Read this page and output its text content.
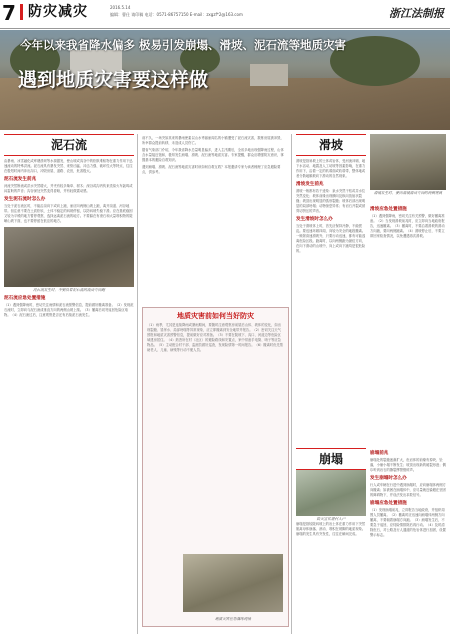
7 防灾减灾	2016.5.14
编辑：曹仕 请印稿 电话：0571-86757150 E-mail：zxgzf*2@163.com	浙江法制报
今年以来我省降水偏多 极易引发崩塌、滑坡、泥石流等地质灾害
遇到地质灾害要这样做
泥石流
由暴雨、冰雪融化或库塘溃坝等水源激发，使山坡或沟谷中的松散堆积物在重力作用下迅速流动的特殊洪流。泥石流具有暴发突然、来势凶猛、冲击力强、破坏性大等特点，往往在极短时间内冲出沟口，冲毁房屋、道路、农田，危害极大。
泥石流发生前兆
河流突然断流或洪水突然增大，并夹有较多柴草、树木；深谷或沟内传来类似火车轰鸣或闷雷般的声音；沟谷深处突然变得昏暗，并有轻微震动感。
发生泥石流时怎么办
当处于泥石流区时，不能沿沟向下或向上跑，而应向两侧山坡上跑，离开沟道、河谷地带。但注意不要在土质松软、土体不稳定的斜坡停留，以防斜坡失稳下滑。应在基底稳固又较为平缓的地方暂停观察，选择远离泥石流的地方。不要躲在有滚石和大量堆积物的陡峭山坡下面，也不要停留在低洼的地方。
泥石流发生时，不要沿着泥石流的流动方向跑
泥石流应急处置措施
（1）遇到强降雨时，密切关注雨情和泥石流预警信息，提前做好撤离准备。（2）发现泥石流时，立即向与泥石流成垂直方向的两侧山坡上爬。（3）撤离后切勿返回危险区取物。（4）泥石流过后，注意观察是否还有后续泥石流发生。
前不久，一场突如其来的暴雨使素以山水秀丽而闻名的小镇遭受了泥石流灾害，数栋房屋被冲毁，所幸群众提前转移，未造成人员伤亡。
据省气象部门介绍，今年我省降水总量明显偏多，进入主汛期后，全省多地出现强降雨过程，山体含水量接近饱和，极易发生崩塌、滑坡、泥石流等地质灾害。专家提醒，群众应增强防灾意识，掌握基本的避险自救知识。
遇到崩塌、滑坡、泥石流等地质灾害时该如何自救互救？本报邀请专家为读者梳理了应急避险要点，供参考。
地质灾害前如何当好防灾
（1）雨季，尤其是连续降雨或暴雨期间，要随时注意观察房前屋后山体、坡体的变化，如出现裂缝、冒浑水、局部坍塌等异常现象，应立即撤离到安全地带并报告。（2）密切关注天气预报和地质灾害预警信息，提前做好应对准备。（3）不要在陡坡下、沟口、河道边等危险区域建房居住。（4）熟悉所在村（社区）的避险路线和安置点，家中常备手电筒、哨子等应急物品。（5）主动配合村干部、监测员做好巡查，发现险情第一时间报告。（6）撤离时优先帮助老人、儿童、病残等行动不便人员。
地质灾害应急演练现场
滑坡
滑坡发生时，要向滑坡滑动方向的两侧逃离
滑坡是指斜坡上的土体或岩体，受河流冲刷、地下水活动、地震及人工切坡等因素影响，在重力作用下，沿着一定的软弱面或软弱带，整体地或者分散地顺坡向下滑动的自然现象。
滑坡发生前兆
滑坡一般都有若干迹象：泉水突然干枯或井水位突然变化；坡体前缘出现横向及纵向放射状裂缝；坡顶出现明显的弧形裂缝；坡体后部出现明显的局部坍塌；动物惊恐异常；有岩石开裂或被剪切挤压的声音。
发生滑坡时怎么办
当处于滑坡体上时，首先应保持冷静，不能慌乱。要迅速环顾四周，向较为安全的地段撤离。一般除高速滑坡外，只要行动迅速，都有可能逃离危险区段。跑离时，以向两侧跑为最佳方向，在向下滑动的山坡中，向上或向下跑均是很危险的。
滑坡应急处置措施
（1）遇到强降雨，密切关注有关预警，做好撤离准备。（2）当发现滑坡前兆时，应立即向当地政府报告，迅速撤离。（3）撤离时，不要沿着滑坡的滑动方向跑，要向两侧跑离。（4）滑坡停止后，不要立即回家检查情况，以免遭遇再次滑坡。
崩塌
防灾宣传进村入户
崩塌是指较陡斜坡上的岩土体在重力作用下突然脱离母体崩落、滚动、堆积在坡脚的地质现象。崩塌的发生具有突发性，往往在瞬间完成。
崩塌前兆
崩塌处的裂缝逐渐扩大，危岩体的前缘有掉块、坠落，小崩小塌不断发生；坡顶出现新的破裂形迹；偶尔听到岩石的撕裂摩擦错碎声。
发生崩塌时怎么办
行人或车辆在行进中遇到崩塌时，应向崩塌体两侧方向撤离；如被困在崩塌体中，应尽量就近躲避在坚固的障碍物下，并设法发出求救信号。
崩塌应急处置措施
（1）发现崩塌前兆，立即报告当地政府，并组织周围人员撤离。（2）撤离时应迅速向崩塌体两侧方向撤离，不要朝着崩塌方向跑。（3）崩塌发生后，不要急于返回，应待险情排除后再行动。（4）及时清除危石，对公路及行人通道的危岩体进行加固，设置警示标志。
